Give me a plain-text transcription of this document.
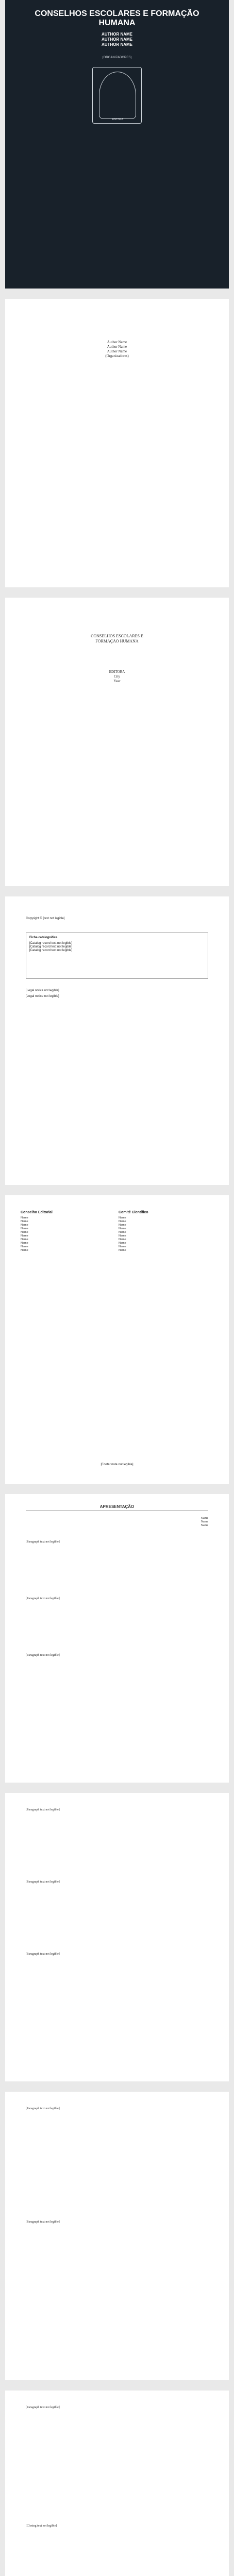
CONSELHOS ESCOLARES E FORMAÇÃO HUMANA
AUTHOR NAME
AUTHOR NAME
AUTHOR NAME
(ORGANIZADORES)
EDITORA
Author Name
Author Name
Author Name
(Organizadores)
CONSELHOS ESCOLARES E
FORMAÇÃO HUMANA
EDITORA
City
Year
Copyright © [text not legible]
Ficha catalográfica
[Catalog record text not legible]
[Catalog record text not legible]
[Catalog record text not legible]
[Legal notice not legible]
[Legal notice not legible]
Conselho Editorial
Name
Name
Name
Name
Name
Name
Name
Name
Name
Name
Comitê Científico
Name
Name
Name
Name
Name
Name
Name
Name
Name
Name
[Footer note not legible]
APRESENTAÇÃO
Name
Name
Name
[Paragraph text not legible]
[Paragraph text not legible]
[Paragraph text not legible]
[Paragraph text not legible]
[Paragraph text not legible]
[Paragraph text not legible]
[Paragraph text not legible]
[Paragraph text not legible]
[Paragraph text not legible]
[Closing text not legible]
